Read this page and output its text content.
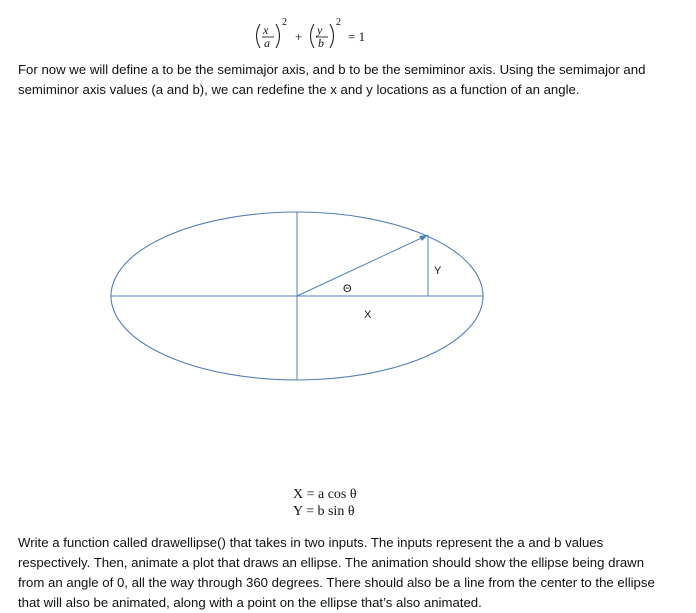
x
a
2
+ y
b
2
= 1
For now we will define a to be the semimajor axis, and b to be the semiminor axis. Using the semimajor and semiminor axis values (a and b), we can redefine the x and y locations as a function of an angle.
Θ
X
Y
X = a cos θ
Y = b sin θ
Write a function called drawellipse() that takes in two inputs. The inputs represent the a and b values respectively. Then, animate a plot that draws an ellipse. The animation should show the ellipse being drawn from an angle of 0, all the way through 360 degrees. There should also be a line from the center to the ellipse that will also be animated, along with a point on the ellipse that’s also animated.
